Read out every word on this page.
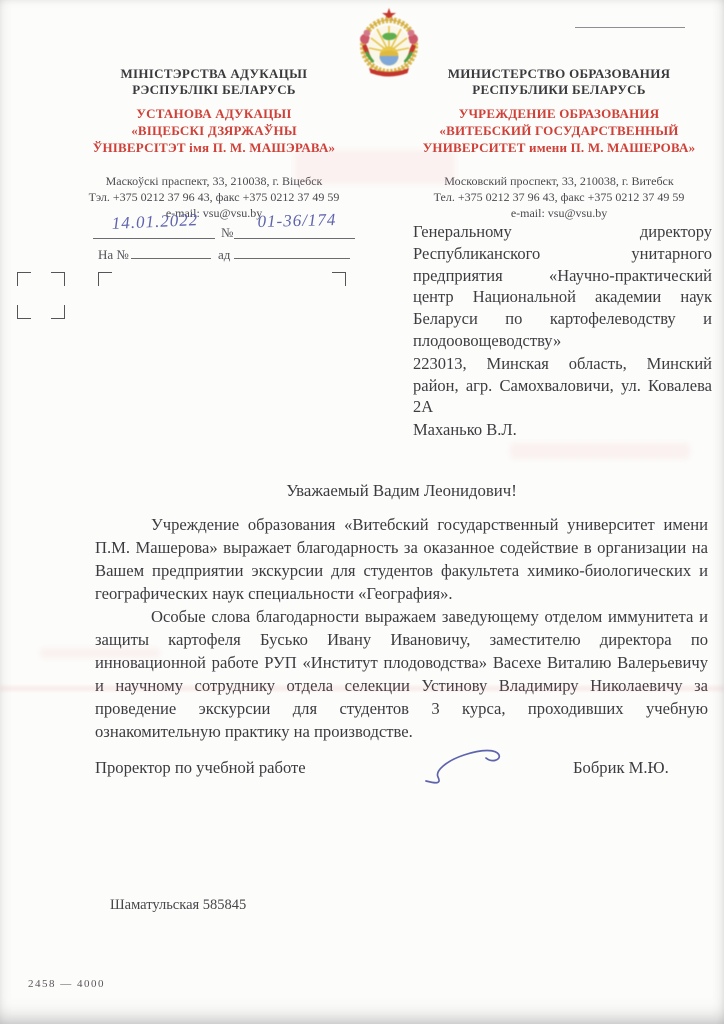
МІНІСТЭРСТВА АДУКАЦЫІ
РЭСПУБЛІКІ БЕЛАРУСЬ
УСТАНОВА АДУКАЦЫІ
«ВІЦЕБСКІ ДЗЯРЖАЎНЫ
ЎНІВЕРСІТЭТ імя П. М. МАШЭРАВА»
Маскоўскі праспект, 33, 210038, г. Віцебск
Тэл. +375 0212 37 96 43, факс +375 0212 37 49 59
e-mail: vsu@vsu.by
МИНИСТЕРСТВО ОБРАЗОВАНИЯ
РЕСПУБЛИКИ БЕЛАРУСЬ
УЧРЕЖДЕНИЕ ОБРАЗОВАНИЯ
«ВИТЕБСКИЙ ГОСУДАРСТВЕННЫЙ
УНИВЕРСИТЕТ имени П. М. МАШЕРОВА»
Московский проспект, 33, 210038, г. Витебск
Тел. +375 0212 37 96 43, факс +375 0212 37 49 59
e-mail: vsu@vsu.by
14.01.2022	№
01-36/174
На №	ад

Генеральному директору Республиканского унитарного предприятия «Научно-практический центр Национальной академии наук Беларуси по картофелеводству и плодоовощеводству»

223013, Минская область, Минский район, агр. Самохваловичи, ул. Ковалева 2А

Маханько В.Л.

Уважаемый Вадим Леонидович!

Учреждение образования «Витебский государственный университет имени П.М. Машерова» выражает благодарность за оказанное содействие в организации на Вашем предприятии экскурсии для студентов факультета химико-биологических и географических наук специальности «География».

Особые слова благодарности выражаем заведующему отделом иммунитета и защиты картофеля Бусько Ивану Ивановичу, заместителю директора по инновационной работе РУП «Институт плодоводства» Васехе Виталию Валерьевичу и научному сотруднику отдела селекции Устинову Владимиру Николаевичу за проведение экскурсии для студентов 3 курса, проходивших учебную ознакомительную практику на производстве.

Проректор по учебной работе	Бобрик М.Ю.
Шаматульская 585845
2458 — 4000
